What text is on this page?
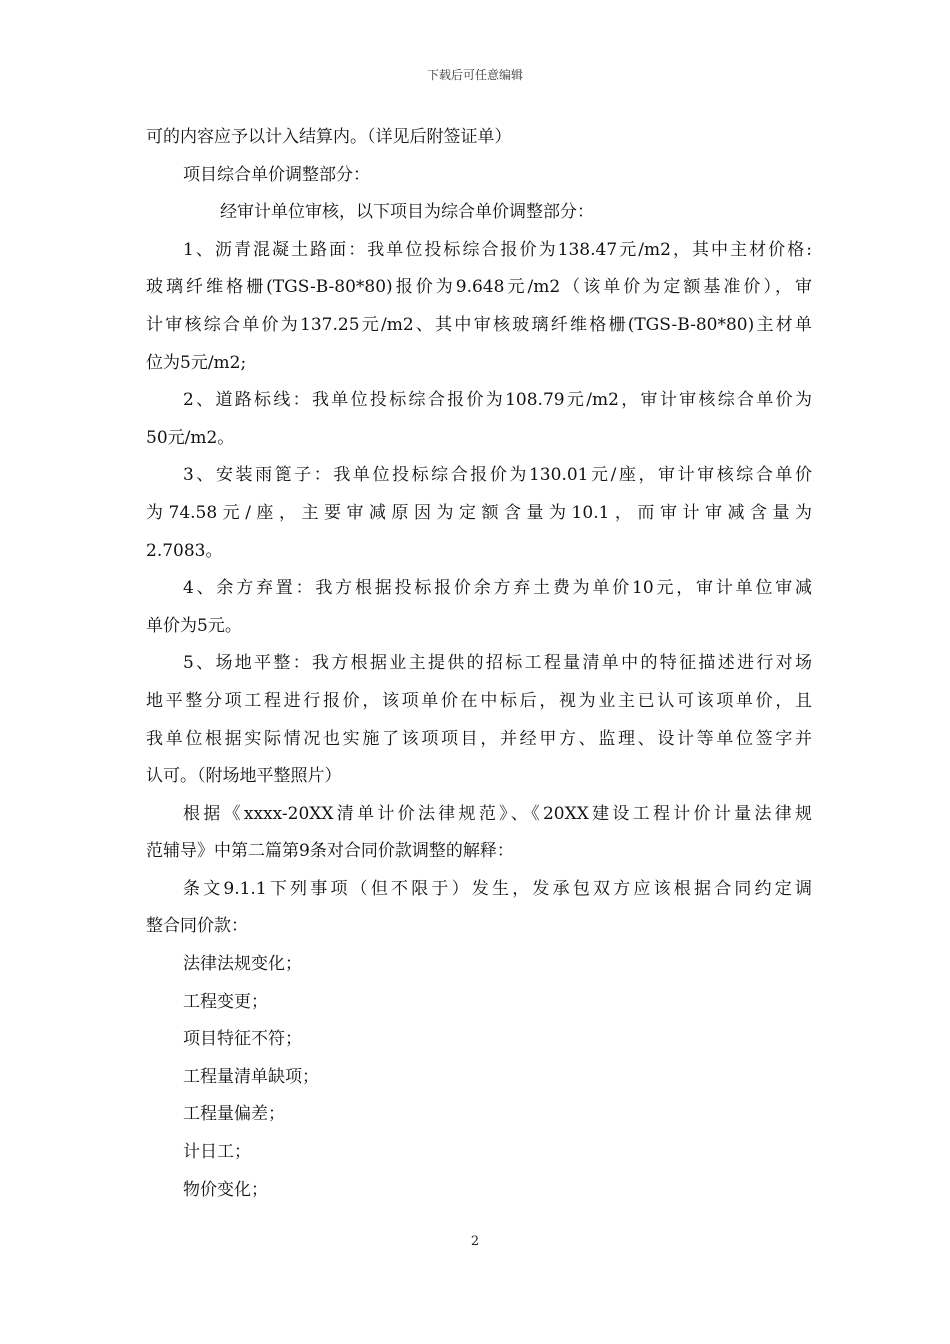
下载后可任意编辑
可的内容应予以计入结算内。（详见后附签证单）
项目综合单价调整部分：
经审计单位审核，以下项目为综合单价调整部分：
1、沥青混凝土路面：我单位投标综合报价为138.47元/m2，其中主材价格:
玻璃纤维格栅(TGS-B-80*80)报价为9.648元/m2（该单价为定额基准价），审
计审核综合单价为137.25元/m2、其中审核玻璃纤维格栅(TGS-B-80*80)主材单
位为5元/m2;
2、道路标线：我单位投标综合报价为108.79元/m2，审计审核综合单价为
50元/m2。
3、安装雨篦子：我单位投标综合报价为130.01元/座，审计审核综合单价
为74.58元/座，主要审减原因为定额含量为10.1，而审计审减含量为
2.7083。
4、余方弃置：我方根据投标报价余方弃土费为单价10元，审计单位审减
单价为5元。
5、场地平整：我方根据业主提供的招标工程量清单中的特征描述进行对场
地平整分项工程进行报价，该项单价在中标后，视为业主已认可该项单价，且
我单位根据实际情况也实施了该项项目，并经甲方、监理、设计等单位签字并
认可。（附场地平整照片）
根据《xxxx-20XX清单计价法律规范》、《20XX建设工程计价计量法律规
范辅导》中第二篇第9条对合同价款调整的解释：
条文9.1.1下列事项（但不限于）发生，发承包双方应该根据合同约定调
整合同价款：
法律法规变化；
工程变更；
项目特征不符；
工程量清单缺项；
工程量偏差；
计日工；
物价变化；
2
